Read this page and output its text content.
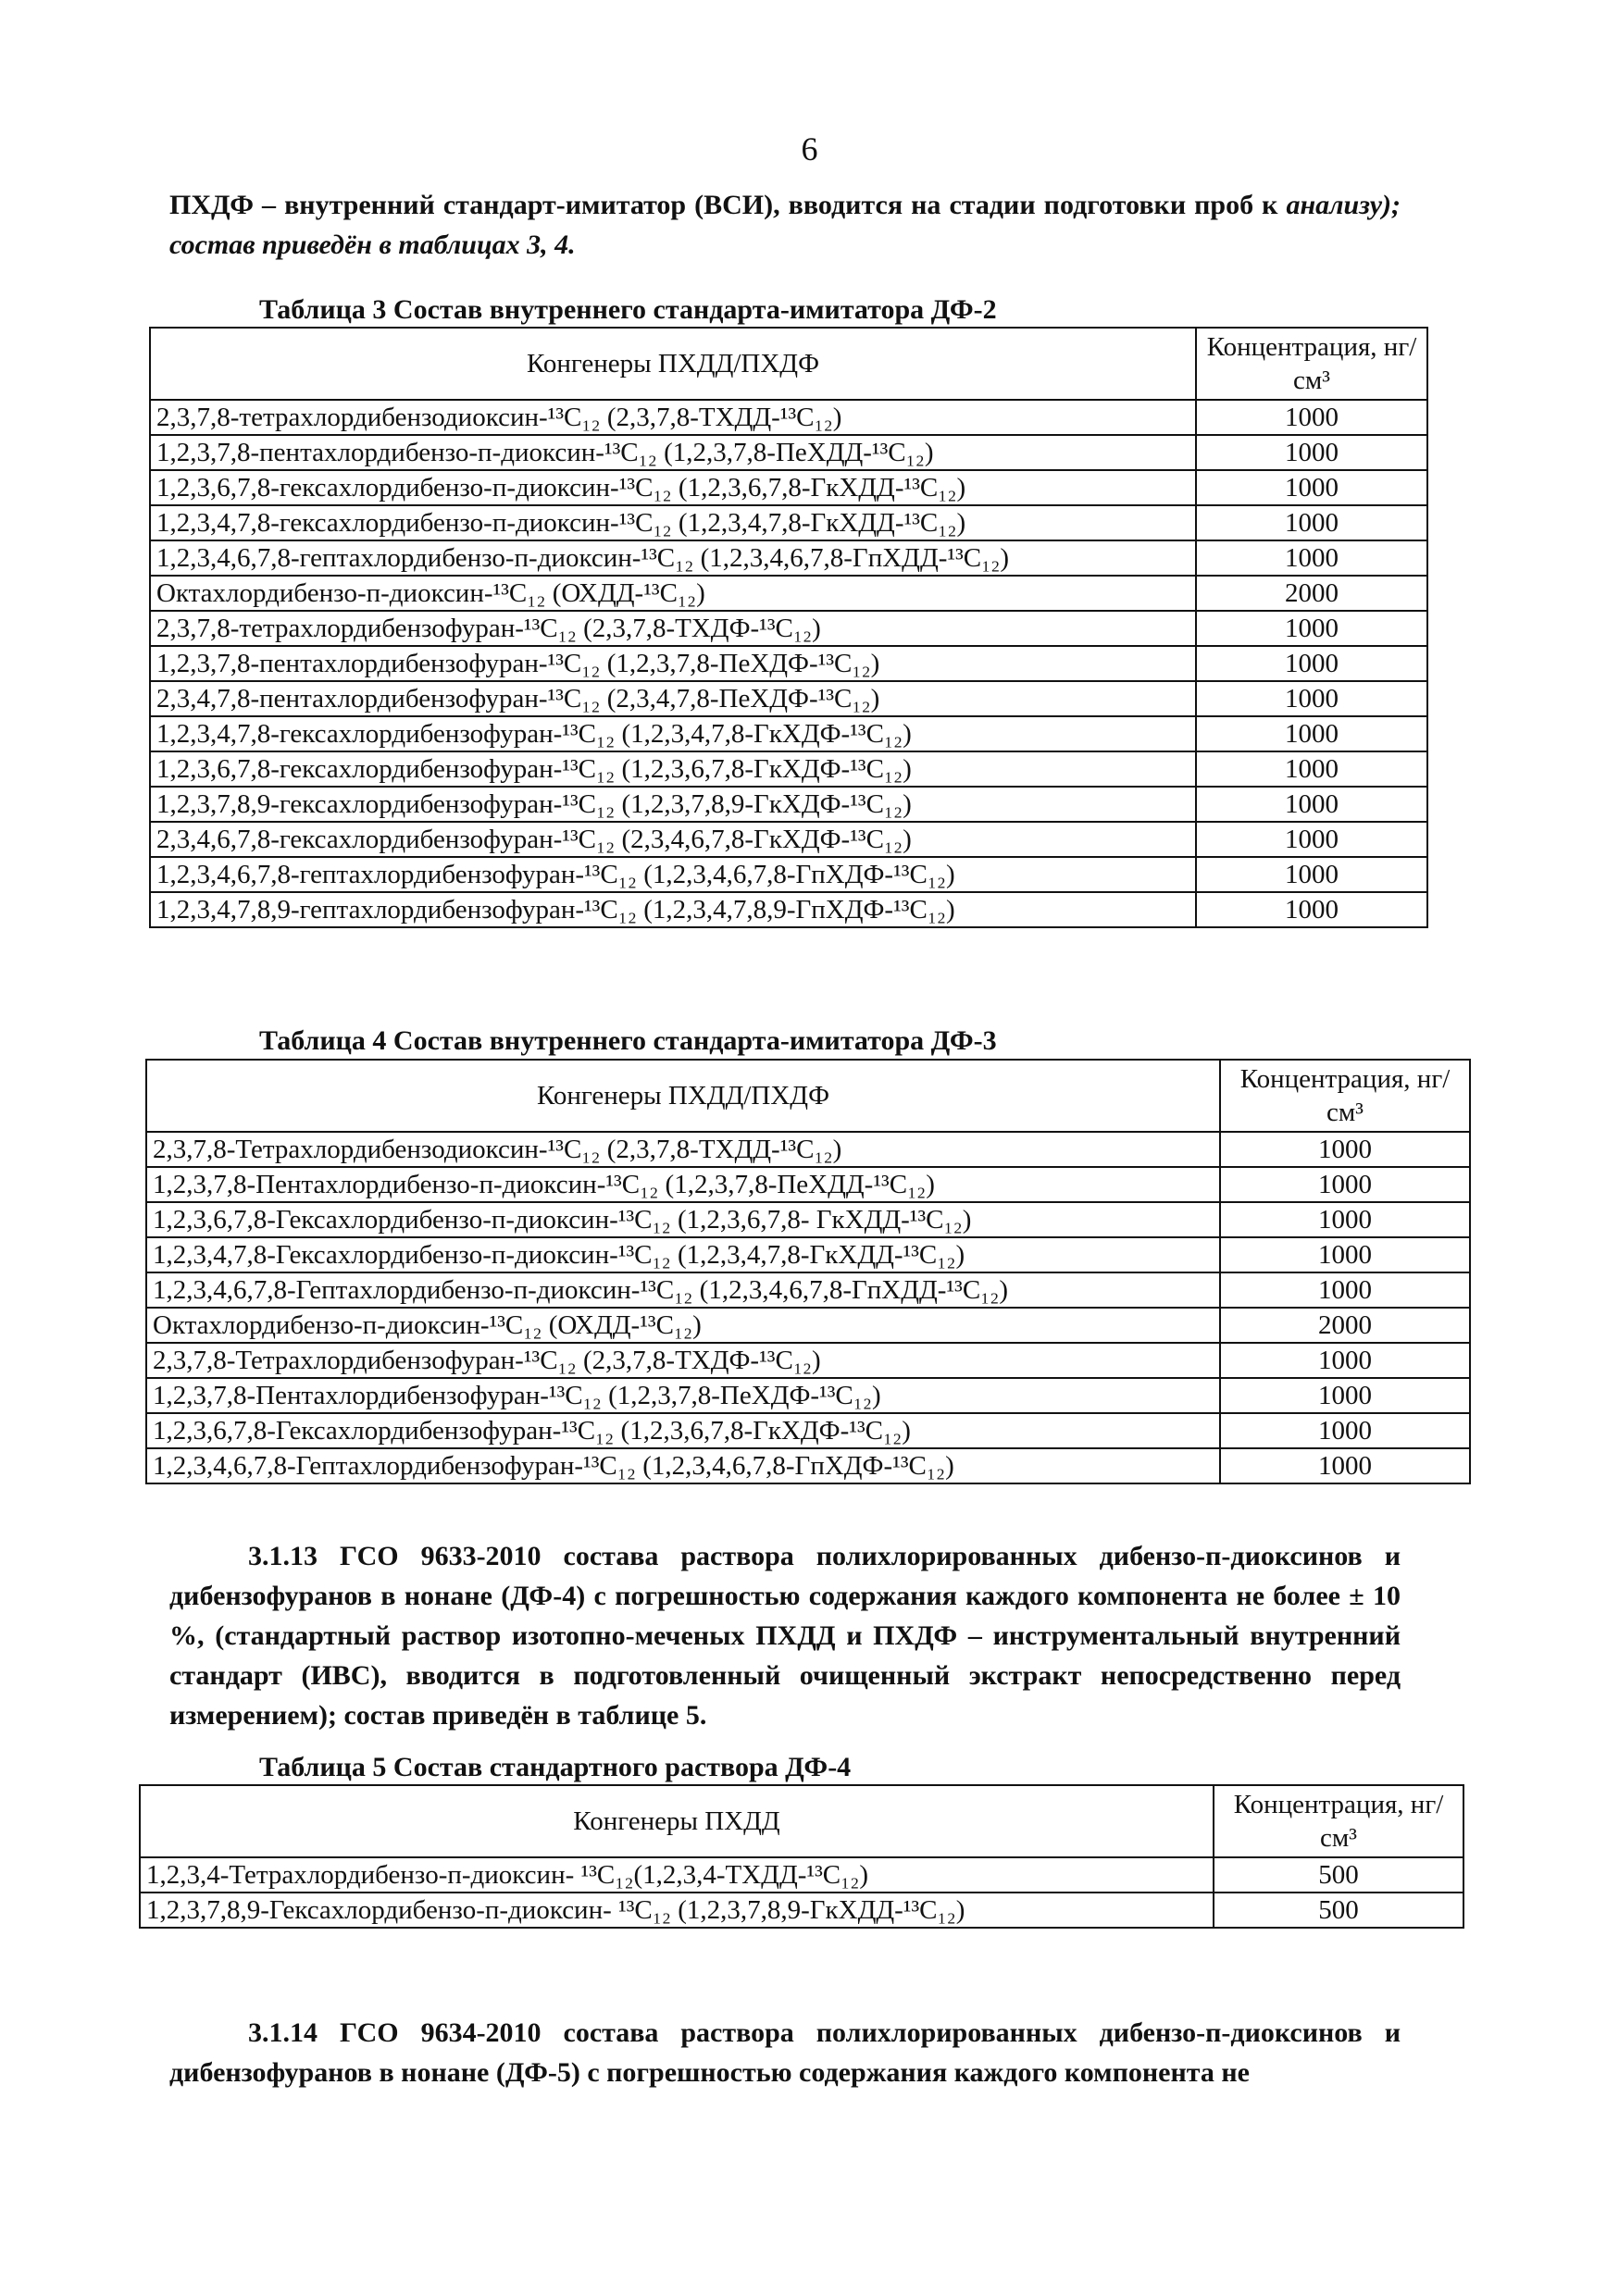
6
ПХДФ – внутренний стандарт-имитатор (ВСИ), вводится на стадии подготовки проб к анализу); состав приведён в таблицах 3, 4.
Таблица 3 Состав внутреннего стандарта-имитатора ДФ-2
Конгенеры ПХДД/ПХДФ	Концентрация, нг/см³
2,3,7,8-тетрахлордибензодиоксин-¹³C₁₂ (2,3,7,8-ТХДД-¹³C₁₂)	1000
1,2,3,7,8-пентахлордибензо-п-диоксин-¹³C₁₂ (1,2,3,7,8-ПеХДД-¹³C₁₂)	1000
1,2,3,6,7,8-гексахлордибензо-п-диоксин-¹³C₁₂ (1,2,3,6,7,8-ГкХДД-¹³C₁₂)	1000
1,2,3,4,7,8-гексахлордибензо-п-диоксин-¹³C₁₂ (1,2,3,4,7,8-ГкХДД-¹³C₁₂)	1000
1,2,3,4,6,7,8-гептахлордибензо-п-диоксин-¹³C₁₂ (1,2,3,4,6,7,8-ГпХДД-¹³C₁₂)	1000
Октахлордибензо-п-диоксин-¹³C₁₂ (ОХДД-¹³C₁₂)	2000
2,3,7,8-тетрахлордибензофуран-¹³C₁₂ (2,3,7,8-ТХДФ-¹³C₁₂)	1000
1,2,3,7,8-пентахлордибензофуран-¹³C₁₂ (1,2,3,7,8-ПеХДФ-¹³C₁₂)	1000
2,3,4,7,8-пентахлордибензофуран-¹³C₁₂ (2,3,4,7,8-ПеХДФ-¹³C₁₂)	1000
1,2,3,4,7,8-гексахлордибензофуран-¹³C₁₂ (1,2,3,4,7,8-ГкХДФ-¹³C₁₂)	1000
1,2,3,6,7,8-гексахлордибензофуран-¹³C₁₂ (1,2,3,6,7,8-ГкХДФ-¹³C₁₂)	1000
1,2,3,7,8,9-гексахлордибензофуран-¹³C₁₂ (1,2,3,7,8,9-ГкХДФ-¹³C₁₂)	1000
2,3,4,6,7,8-гексахлордибензофуран-¹³C₁₂ (2,3,4,6,7,8-ГкХДФ-¹³C₁₂)	1000
1,2,3,4,6,7,8-гептахлордибензофуран-¹³C₁₂ (1,2,3,4,6,7,8-ГпХДФ-¹³C₁₂)	1000
1,2,3,4,7,8,9-гептахлордибензофуран-¹³C₁₂ (1,2,3,4,7,8,9-ГпХДФ-¹³C₁₂)	1000
Таблица 4 Состав внутреннего стандарта-имитатора ДФ-3
Конгенеры ПХДД/ПХДФ	Концентрация, нг/см³
2,3,7,8-Тетрахлордибензодиоксин-¹³C₁₂ (2,3,7,8-ТХДД-¹³C₁₂)	1000
1,2,3,7,8-Пентахлордибензо-п-диоксин-¹³C₁₂ (1,2,3,7,8-ПеХДД-¹³C₁₂)	1000
1,2,3,6,7,8-Гексахлордибензо-п-диоксин-¹³C₁₂ (1,2,3,6,7,8- ГкХДД-¹³C₁₂)	1000
1,2,3,4,7,8-Гексахлордибензо-п-диоксин-¹³C₁₂ (1,2,3,4,7,8-ГкХДД-¹³C₁₂)	1000
1,2,3,4,6,7,8-Гептахлордибензо-п-диоксин-¹³C₁₂ (1,2,3,4,6,7,8-ГпХДД-¹³C₁₂)	1000
Октахлордибензо-п-диоксин-¹³C₁₂ (ОХДД-¹³C₁₂)	2000
2,3,7,8-Тетрахлордибензофуран-¹³C₁₂ (2,3,7,8-ТХДФ-¹³C₁₂)	1000
1,2,3,7,8-Пентахлордибензофуран-¹³C₁₂ (1,2,3,7,8-ПеХДФ-¹³C₁₂)	1000
1,2,3,6,7,8-Гексахлордибензофуран-¹³C₁₂ (1,2,3,6,7,8-ГкХДФ-¹³C₁₂)	1000
1,2,3,4,6,7,8-Гептахлордибензофуран-¹³C₁₂ (1,2,3,4,6,7,8-ГпХДФ-¹³C₁₂)	1000
3.1.13 ГСО 9633-2010 состава раствора полихлорированных дибензо-п-диоксинов и дибензофуранов в нонане (ДФ-4) с погрешностью содержания каждого компонента не более ± 10 %, (стандартный раствор изотопно-меченых ПХДД и ПХДФ – инструментальный внутренний стандарт (ИВС), вводится в подготовленный очищенный экстракт непосредственно перед измерением); состав приведён в таблице 5.
Таблица 5 Состав стандартного раствора ДФ-4
Конгенеры ПХДД	Концентрация, нг/см³
1,2,3,4-Тетрахлордибензо-п-диоксин- ¹³C₁₂(1,2,3,4-ТХДД-¹³C₁₂)	500
1,2,3,7,8,9-Гексахлордибензо-п-диоксин- ¹³C₁₂ (1,2,3,7,8,9-ГкХДД-¹³C₁₂)	500
3.1.14 ГСО 9634-2010 состава раствора полихлорированных дибензо-п-диоксинов и дибензофуранов в нонане (ДФ-5) с погрешностью содержания каждого компонента не
